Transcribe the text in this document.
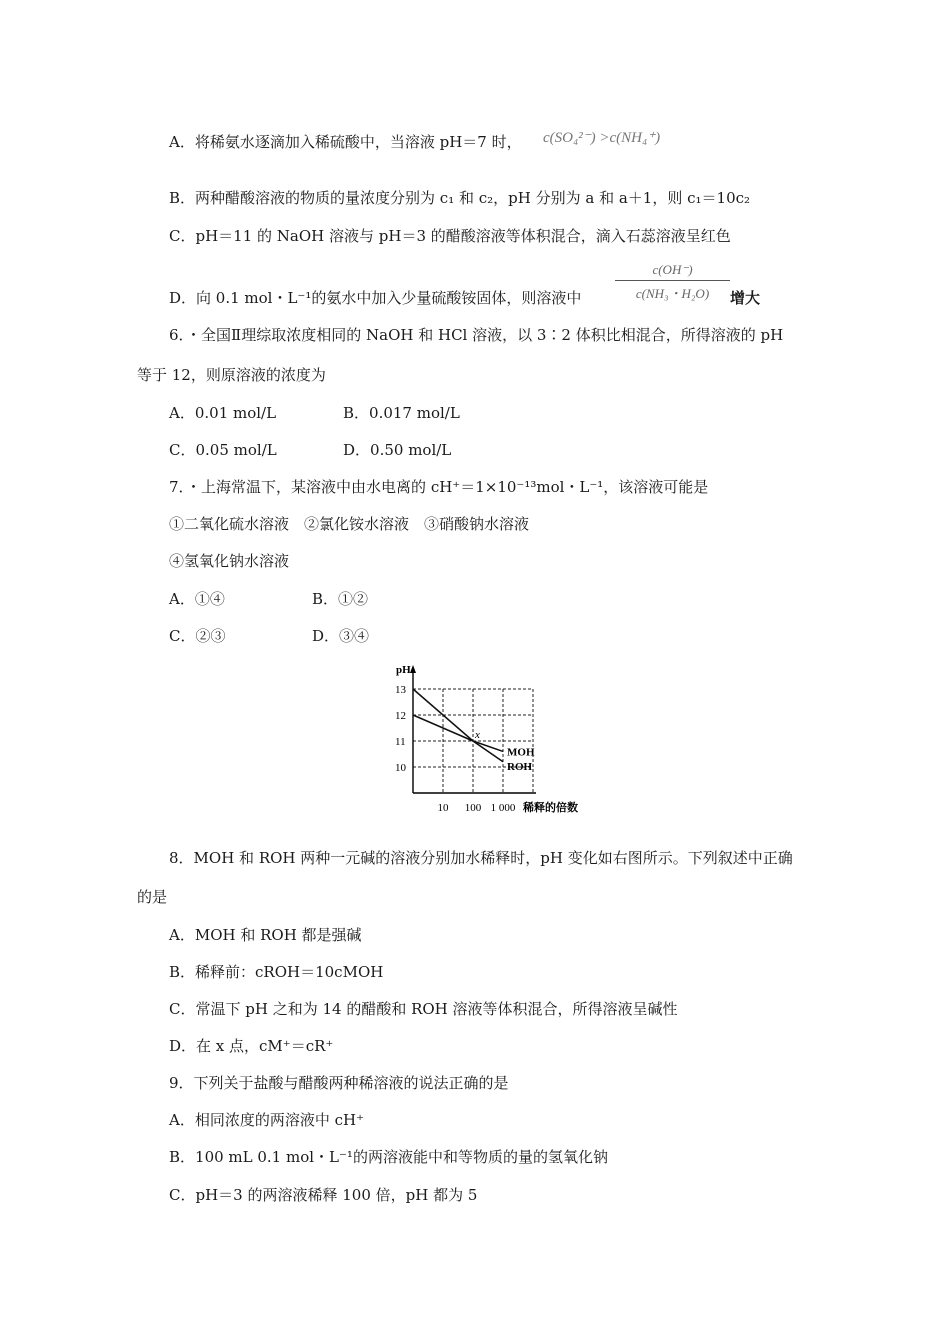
A．将稀氨水逐滴加入稀硫酸中，当溶液 pH＝7 时， c(SO₄²⁻) >c(NH₄⁺)
B．两种醋酸溶液的物质的量浓度分别为 c₁ 和 c₂，pH 分别为 a 和 a＋1，则 c₁＝10c₂
C．pH＝11 的 NaOH 溶液与 pH＝3 的醋酸溶液等体积混合，滴入石蕊溶液呈红色
D．向 0.1 mol・L⁻¹的氨水中加入少量硫酸铵固体，则溶液中
c(OH⁻)
c(NH₃・H₂O)	增大
6．・全国Ⅱ理综取浓度相同的 NaOH 和 HCl 溶液，以 3∶2 体积比相混合，所得溶液的 pH
等于 12，则原溶液的浓度为
A．0.01 mol/L	B．0.017 mol/L
C．0.05 mol/L	D．0.50 mol/L
7．・上海常温下，某溶液中由水电离的 cH⁺＝1×10⁻¹³mol・L⁻¹，该溶液可能是
①二氧化硫水溶液　②氯化铵水溶液　③硝酸钠水溶液
④氢氧化钠水溶液
A．①④	B．①②
C．②③	D．③④
pH
13
12
11
10
10 100 1 000 稀释的倍数
MOH
ROH
x
8．MOH 和 ROH 两种一元碱的溶液分别加水稀释时，pH 变化如右图所示。下列叙述中正确
的是
A．MOH 和 ROH 都是强碱
B．稀释前：cROH＝10cMOH
C．常温下 pH 之和为 14 的醋酸和 ROH 溶液等体积混合，所得溶液呈碱性
D．在 x 点，cM⁺＝cR⁺
9．下列关于盐酸与醋酸两种稀溶液的说法正确的是
A．相同浓度的两溶液中 cH⁺
B．100 mL 0.1 mol・L⁻¹的两溶液能中和等物质的量的氢氧化钠
C．pH＝3 的两溶液稀释 100 倍，pH 都为 5
